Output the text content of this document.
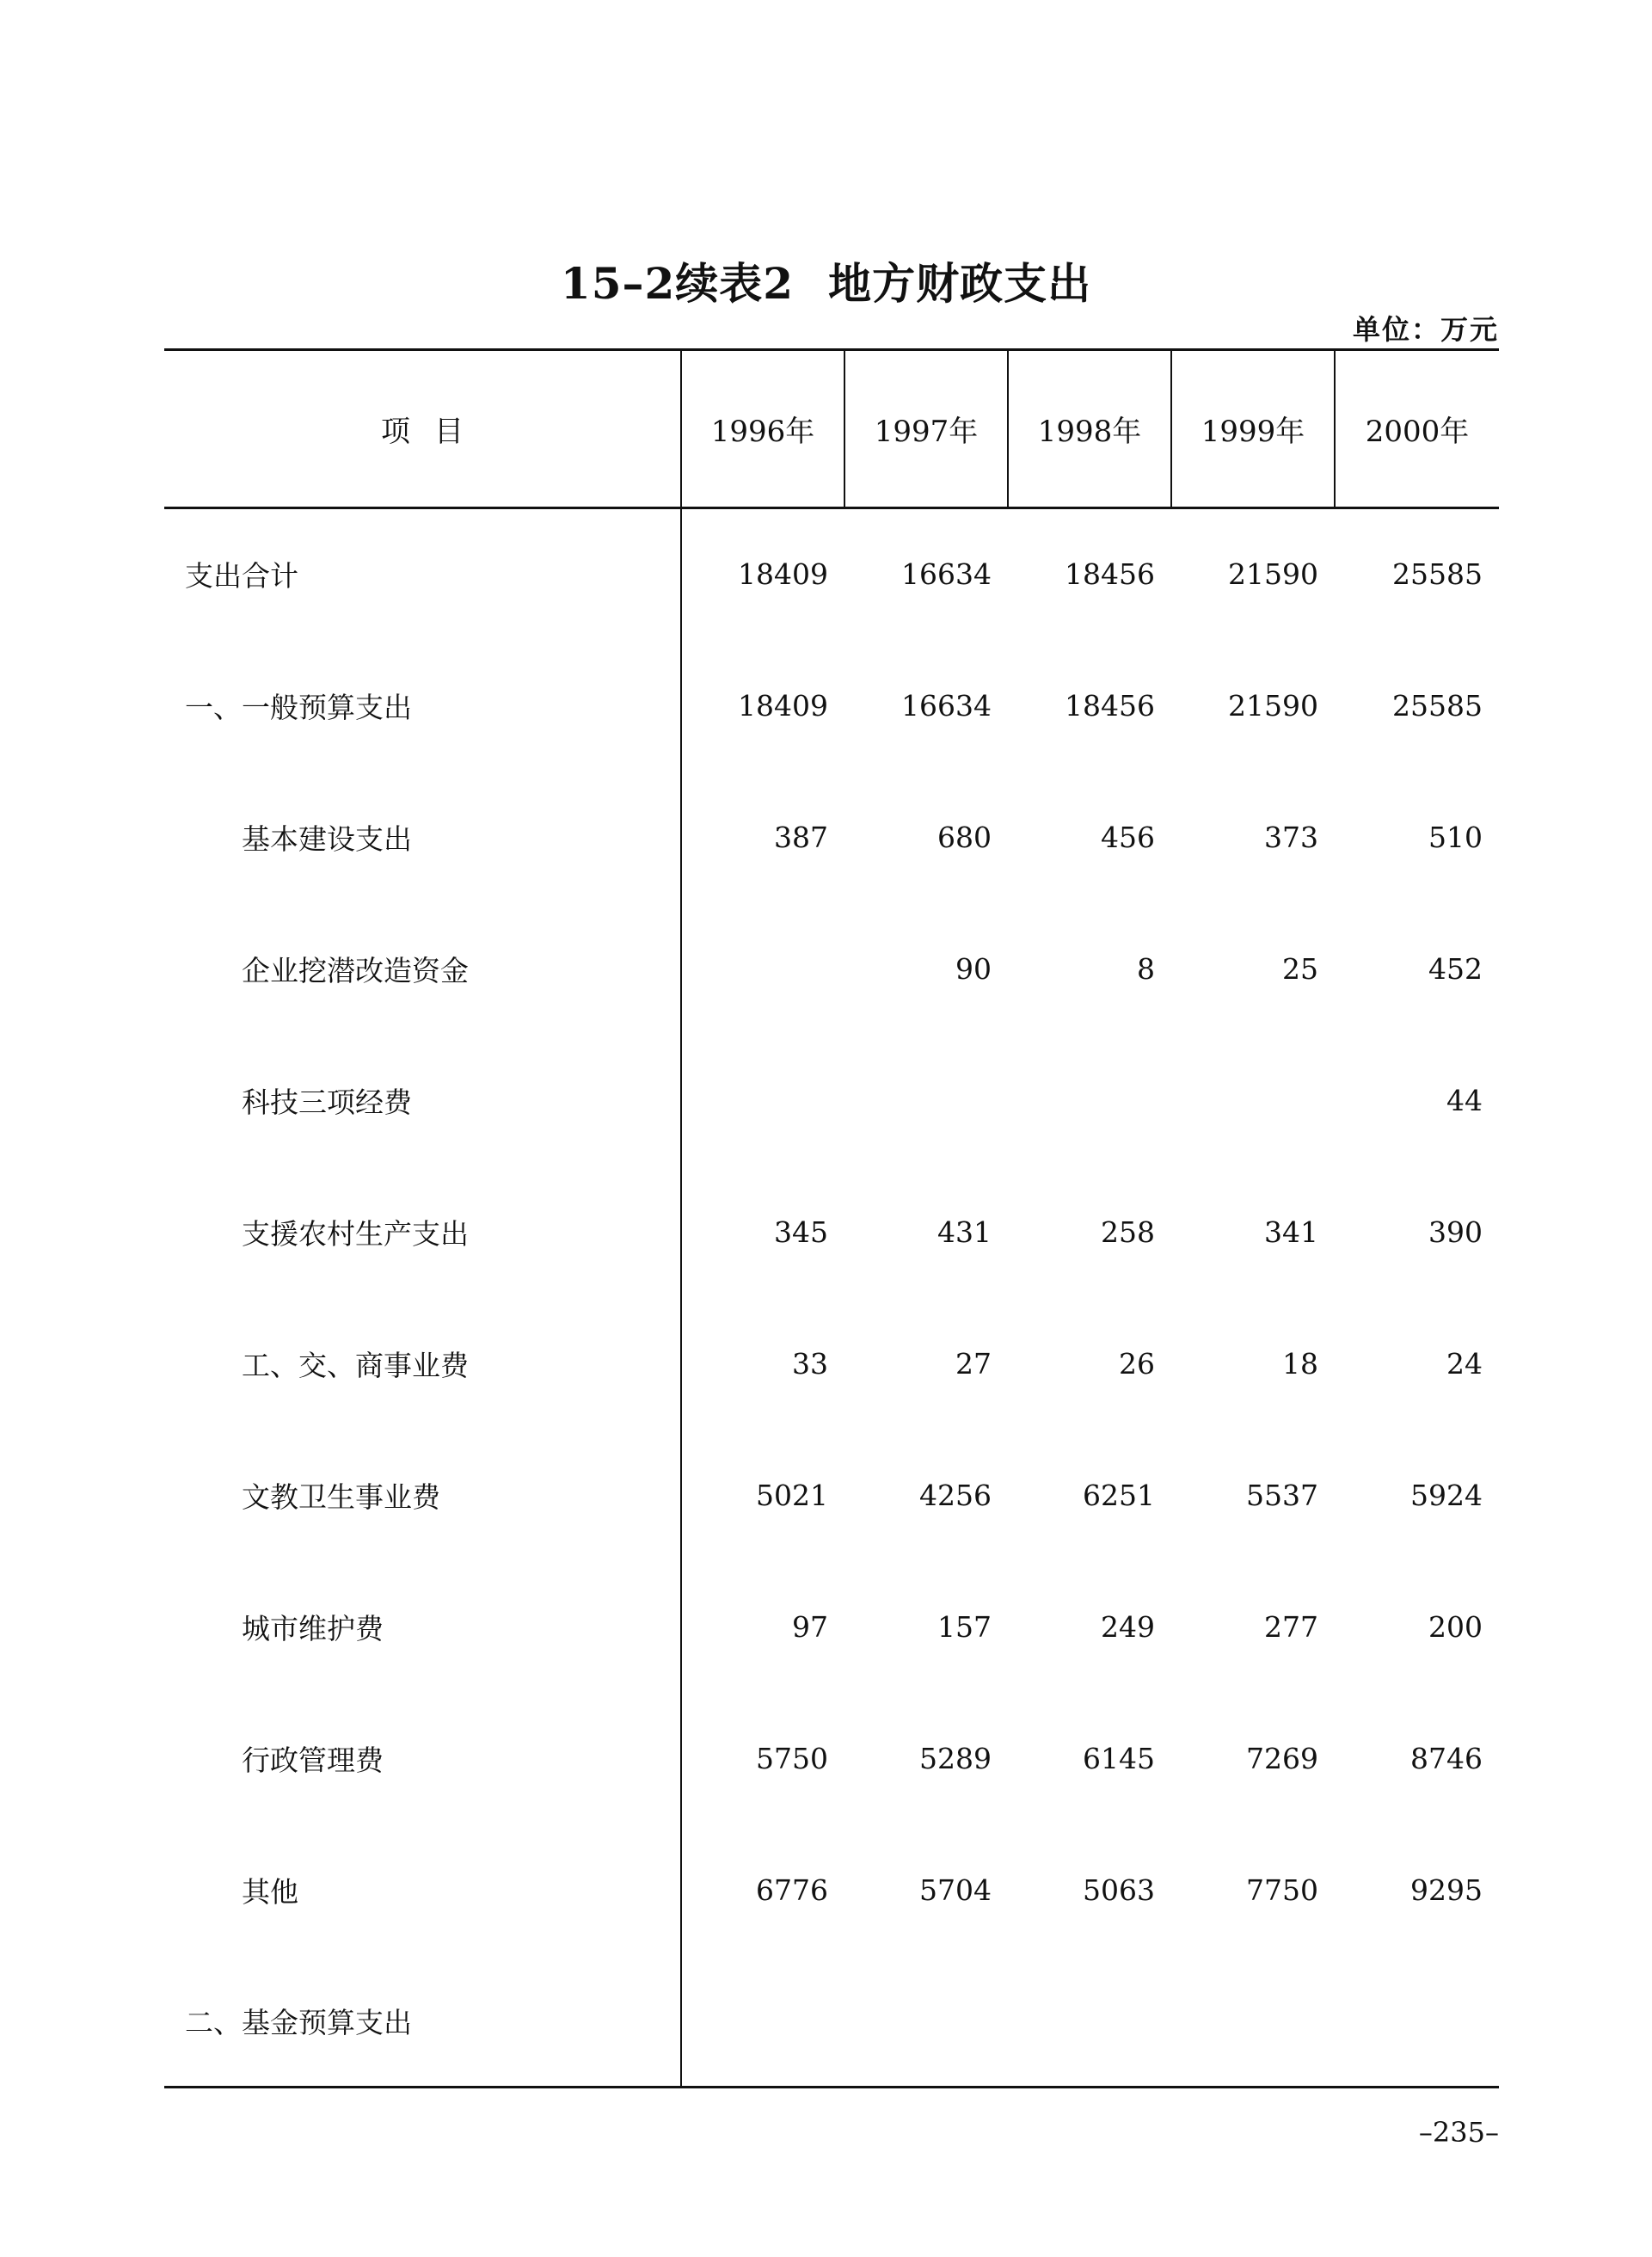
15–2续表2 地方财政支出
单位：万元
项目	1996年	1997年	1998年	1999年	2000年
支出合计	18409	16634	18456	21590	25585
一、一般预算支出	18409	16634	18456	21590	25585
基本建设支出	387	680	456	373	510
企业挖潜改造资金		90	8	25	452
科技三项经费					44
支援农村生产支出	345	431	258	341	390
工、交、商事业费	33	27	26	18	24
文教卫生事业费	5021	4256	6251	5537	5924
城市维护费	97	157	249	277	200
行政管理费	5750	5289	6145	7269	8746
其他	6776	5704	5063	7750	9295
二、基金预算支出					
–235–
